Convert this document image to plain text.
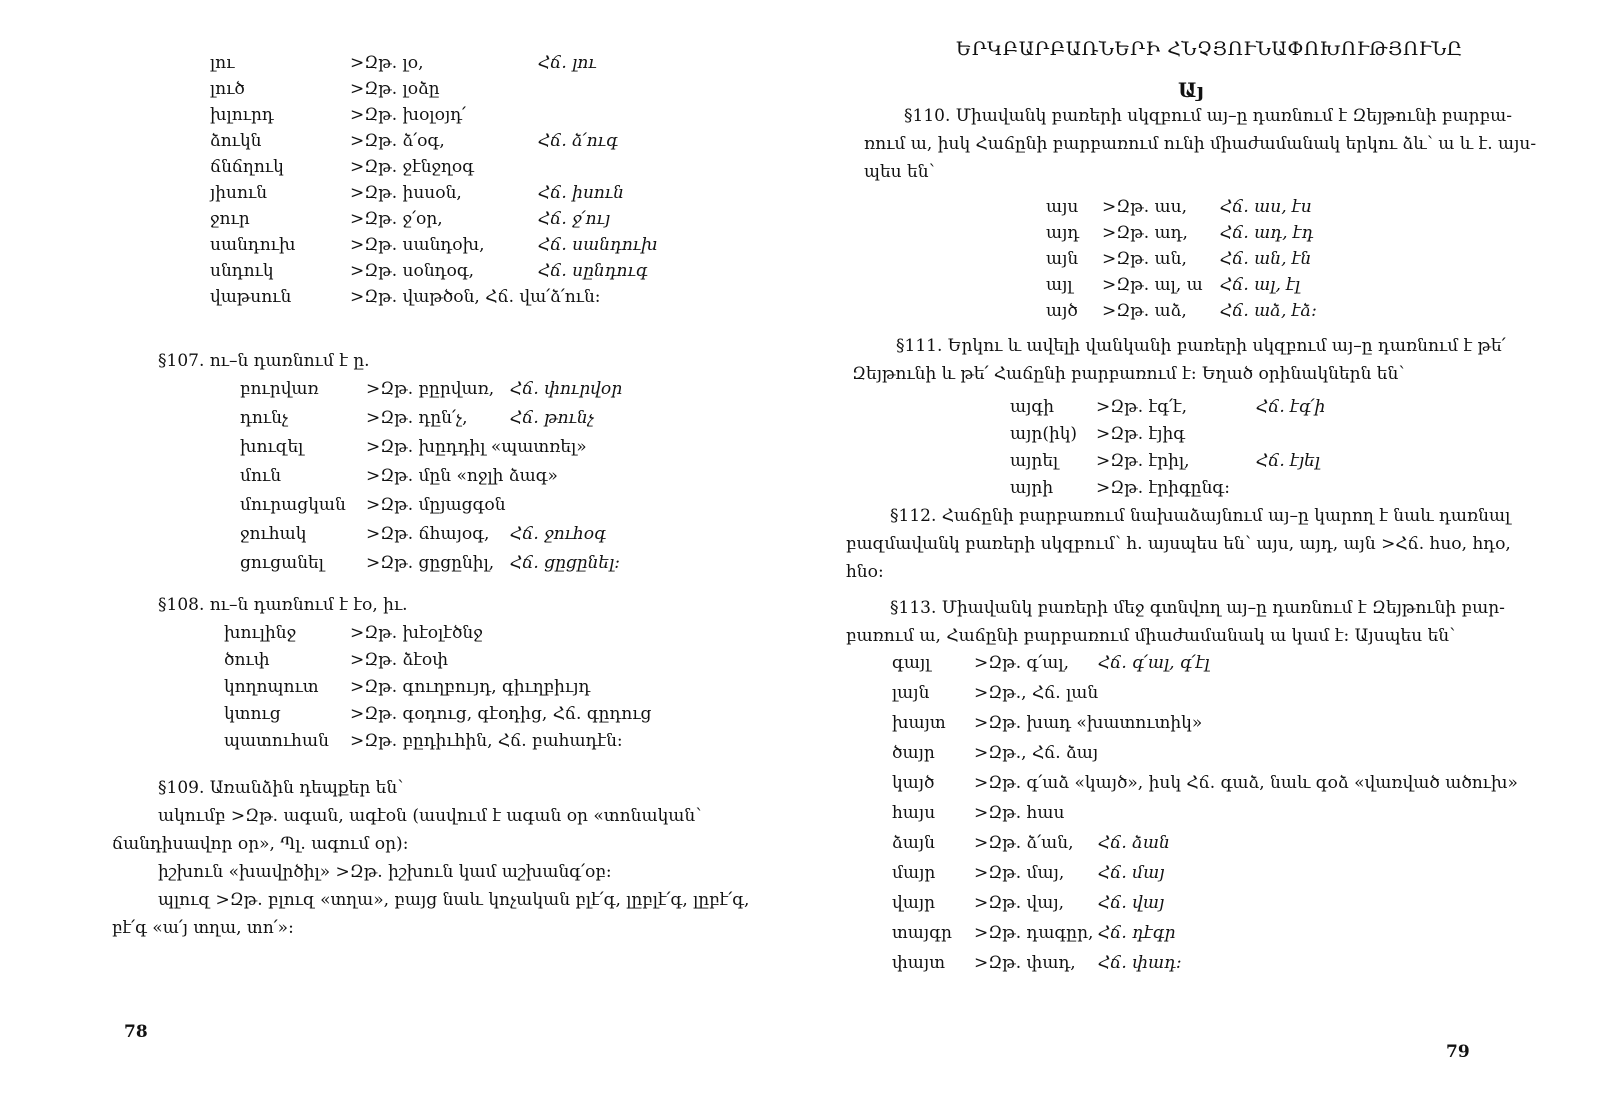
լու	>Զթ. լօ,	Հճ. լու
լուծ	>Զթ. լօձը
խլուրդ	>Զթ. խօլօյդ՛
ձուկն	>Զթ. ձ՛օգ,	Հճ. ձ՛ուգ
ճնճղուկ	>Զթ. ջէնջղօգ
յիսուն	>Զթ. իսսօն,	Հճ. իսուն
ջուր	>Զթ. ջ՛օր,	Հճ. ջ՛ույ
սանդուխ	>Զթ. սանդօխ,	Հճ. սանդուխ
սնդուկ	>Զթ. սօնդօգ,	Հճ. սընդուգ
վաթսուն	>Զթ. վաթծօն, Հճ. վա՛ձ՛ուն:
§107. ու–ն դառնում է ը.
բուրվառ	>Զթ. բըրվառ, Հճ. փուրվօր
դունչ	>Զթ. դըն՛չ,	Հճ. թունչ
խուզել	>Զթ. խըդդիլ «պատռել»
մուն	>Զթ. մըն «ոջլի ձագ»
մուրացկան >Զթ. մըյացգօն
ջուհակ	>Զթ. ճհայօգ, Հճ. ջուհօգ
ցուցանել >Զթ. ցըցընիլ, Հճ. ցըցընել:
§108. ու–ն դառնում է էօ, իւ.
խուլինջ	>Զթ. խէօլէծնջ
ծուփ	>Զթ. ձէօփ
կողոպուտ >Զթ. գուղբույդ, գիւղբիւյդ
կտուց	>Զթ. գօդուց, գէօդից, Հճ. գըդուց
պատուհան >Զթ. բըդիւհին, Հճ. բահադէն:
§109. Առանձին դեպքեր են՝
ակումբ >Զթ. ագան, ագէօն (ասվում է ագան օր «տոնական՝
ճանդիսավոր օր», Պլ. ագում օր):
իշխուն «խավրծիլ» >Զթ. իշխուն կամ աշխանգ՛օբ:
պլուզ >Զթ. բլուզ «տղա», բայց նաև կոչական բլէ՛գ, լըբլէ՛գ, լըբէ՛գ,
բէ՛գ «ա՛յ տղա, տո՛»:
78
ԵՐԿԲԱՐԲԱՌՆԵՐԻ ՀՆՉՅՈՒՆԱՓՈԽՈՒԹՅՈՒՆԸ
Այ
§110. Միավանկ բառերի սկզբում այ–ը դառնում է Զեյթունի բարբա-
ռում ա, իսկ Հաճընի բարբառում ունի միաժամանակ երկու ձև՝ ա և է. այս-
պես են՝
այս >Զթ. աս, Հճ. աս, էս
այդ >Զթ. ադ, Հճ. ադ, էդ
այն >Զթ. ան, Հճ. ան, էն
այլ >Զթ. ալ, ա Հճ. ալ, էլ
այծ >Զթ. աձ, Հճ. աձ, էձ:
§111. Երկու և ավելի վանկանի բառերի սկզբում այ–ը դառնում է թե՛
Զեյթունի և թե՛ Հաճընի բարբառում է: Եղած օրինակներն են՝
այգի >Զթ. էգ՛է,	Հճ. էգ՛ի
այր(իկ) >Զթ. էյիգ
այրել >Զթ. էրիլ,	Հճ. էյել
այրի	>Զթ. էրիգընգ:
§112. Հաճընի բարբառում նախաձայնում այ–ը կարող է նաև դառնալ
բազմավանկ բառերի սկզբում՝ հ. այսպես են՝ այս, այդ, այն >Հճ. հսօ, հդօ,
հնօ:
§113. Միավանկ բառերի մեջ գտնվող այ–ը դառնում է Զեյթունի բար-
բառում ա, Հաճընի բարբառում միաժամանակ ա կամ է: Այսպես են՝
գայլ	>Զթ. գ՛ալ, Հճ. գ՛ալ, գ՛էլ
լայն	>Զթ., Հճ. լան
խայտ >Զթ. խադ «խատուտիկ»
ծայր >Զթ., Հճ. ձայ
կայծ >Զթ. գ՛աձ «կայծ», իսկ Հճ. գաձ, նաև գօձ «վառված ածուխ»
հայս >Զթ. հաս
ձայն >Զթ. ձ՛ան, Հճ. ձան
մայր >Զթ. մայ, Հճ. մայ
վայր >Զթ. վայ, Հճ. վայ
տայգր >Զթ. դագըր, Հճ. դէգր
փայտ >Զթ. փադ, Հճ. փադ:
79
